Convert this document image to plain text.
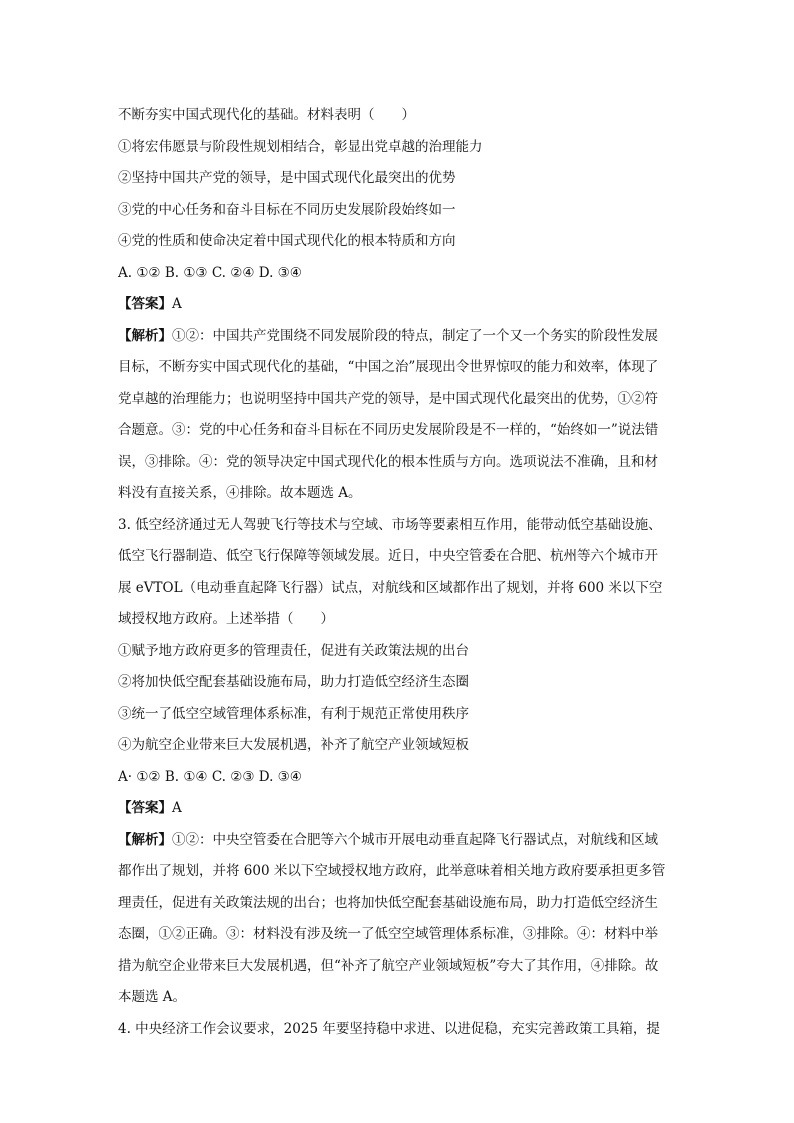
不断夯实中国式现代化的基础。材料表明（　　）

①将宏伟愿景与阶段性规划相结合，彰显出党卓越的治理能力

②坚持中国共产党的领导，是中国式现代化最突出的优势

③党的中心任务和奋斗目标在不同历史发展阶段始终如一

④党的性质和使命决定着中国式现代化的根本特质和方向

A. ①② B. ①③ C. ②④ D. ③④

【答案】A

【解析】①②：中国共产党围绕不同发展阶段的特点，制定了一个又一个务实的阶段性发展
目标，不断夯实中国式现代化的基础，“中国之治”展现出令世界惊叹的能力和效率，体现了
党卓越的治理能力；也说明坚持中国共产党的领导，是中国式现代化最突出的优势，①②符
合题意。③：党的中心任务和奋斗目标在不同历史发展阶段是不一样的，“始终如一”说法错
误，③排除。④：党的领导决定中国式现代化的根本性质与方向。选项说法不准确，且和材
料没有直接关系，④排除。故本题选 A。
3. 低空经济通过无人驾驶飞行等技术与空域、市场等要素相互作用，能带动低空基础设施、
低空飞行器制造、低空飞行保障等领域发展。近日，中央空管委在合肥、杭州等六个城市开
展 eVTOL（电动垂直起降飞行器）试点，对航线和区域都作出了规划，并将 600 米以下空
域授权地方政府。上述举措（　　）

①赋予地方政府更多的管理责任，促进有关政策法规的出台

②将加快低空配套基础设施布局，助力打造低空经济生态圈

③统一了低空空域管理体系标准，有利于规范正常使用秩序

④为航空企业带来巨大发展机遇，补齐了航空产业领域短板

A· ①② B. ①④ C. ②③ D. ③④

【答案】A

【解析】①②：中央空管委在合肥等六个城市开展电动垂直起降飞行器试点，对航线和区域
都作出了规划，并将 600 米以下空域授权地方政府，此举意味着相关地方政府要承担更多管
理责任，促进有关政策法规的出台；也将加快低空配套基础设施布局，助力打造低空经济生
态圈，①②正确。③：材料没有涉及统一了低空空域管理体系标准，③排除。④：材料中举
措为航空企业带来巨大发展机遇，但“补齐了航空产业领域短板”夸大了其作用，④排除。故
本题选 A。

4. 中央经济工作会议要求，2025 年要坚持稳中求进、以进促稳，充实完善政策工具箱，提
